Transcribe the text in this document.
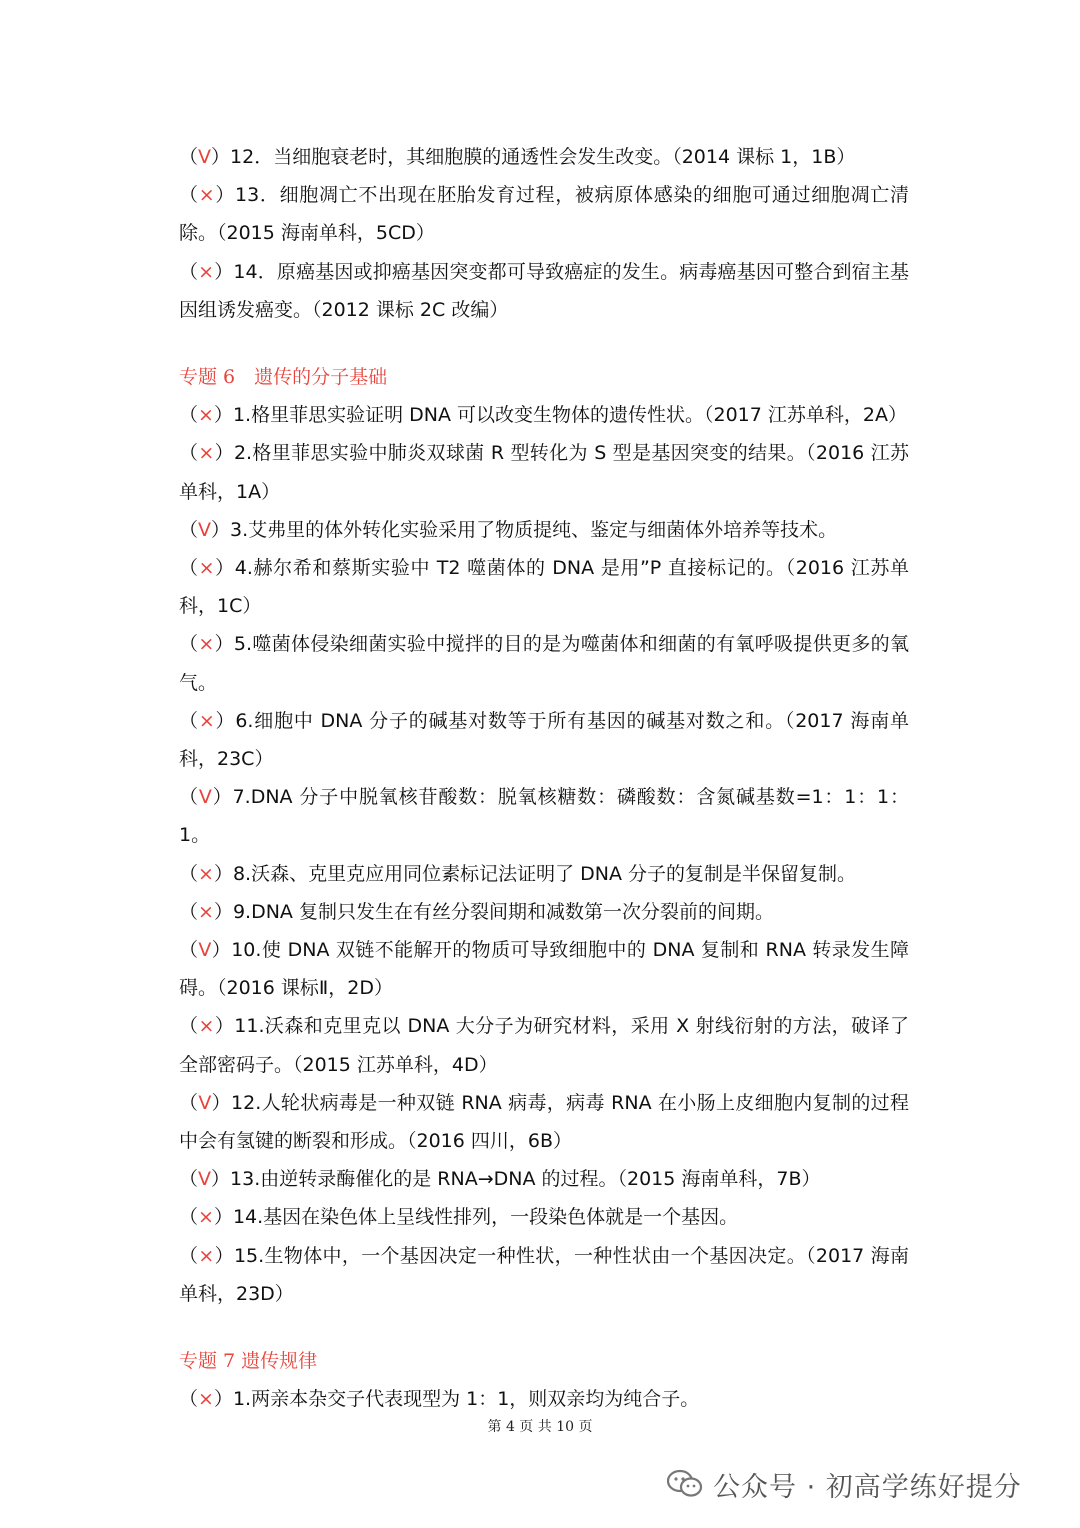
（V）12．当细胞衰老时，其细胞膜的通透性会发生改变。（2014 课标 1，1B）

（×）13．细胞凋亡不出现在胚胎发育过程，被病原体感染的细胞可通过细胞凋亡清除。（2015 海南单科，5CD）

（×）14．原癌基因或抑癌基因突变都可导致癌症的发生。病毒癌基因可整合到宿主基因组诱发癌变。（2012 课标 2C 改编）

专题 6　遗传的分子基础

（×）1.格里菲思实验证明 DNA 可以改变生物体的遗传性状。（2017 江苏单科，2A）

（×）2.格里菲思实验中肺炎双球菌 R 型转化为 S 型是基因突变的结果。（2016 江苏单科，1A）

（V）3.艾弗里的体外转化实验采用了物质提纯、鉴定与细菌体外培养等技术。

（×）4.赫尔希和蔡斯实验中 T2 噬菌体的 DNA 是用”P 直接标记的。（2016 江苏单科，1C）

（×）5.噬菌体侵染细菌实验中搅拌的目的是为噬菌体和细菌的有氧呼吸提供更多的氧气。

（×）6.细胞中 DNA 分子的碱基对数等于所有基因的碱基对数之和。（2017 海南单科，23C）

（V）7.DNA 分子中脱氧核苷酸数：脱氧核糖数：磷酸数：含氮碱基数=1：1：1：1。

（×）8.沃森、克里克应用同位素标记法证明了 DNA 分子的复制是半保留复制。

（×）9.DNA 复制只发生在有丝分裂间期和减数第一次分裂前的间期。

（V）10.使 DNA 双链不能解开的物质可导致细胞中的 DNA 复制和 RNA 转录发生障碍。（2016 课标Ⅱ，2D）

（×）11.沃森和克里克以 DNA 大分子为研究材料，采用 X 射线衍射的方法，破译了全部密码子。（2015 江苏单科，4D）

（V）12.人轮状病毒是一种双链 RNA 病毒，病毒 RNA 在小肠上皮细胞内复制的过程中会有氢键的断裂和形成。（2016 四川，6B）

（V）13.由逆转录酶催化的是 RNA→DNA 的过程。（2015 海南单科，7B）

（×）14.基因在染色体上呈线性排列，一段染色体就是一个基因。

（×）15.生物体中，一个基因决定一种性状，一种性状由一个基因决定。（2017 海南单科，23D）

专题 7 遗传规律

（×）1.两亲本杂交子代表现型为 1：1，则双亲均为纯合子。

第 4 页 共 10 页
公众号 · 初高学练好提分
